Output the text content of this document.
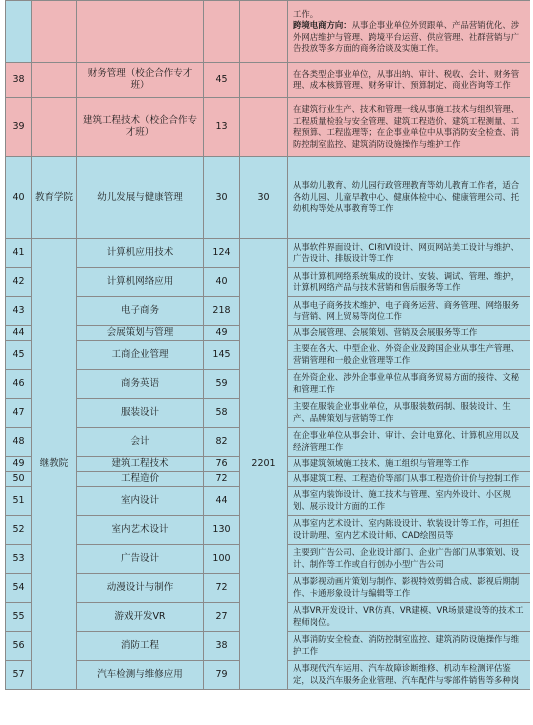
					工作。
跨境电商方向：从事企事业单位外贸跟单、产品营销优化、涉外网店维护与管理、跨境平台运营、供应管理、社群营销与广告投放等多方面的商务洽谈及实施工作。
38		财务管理（校企合作专才班）	45		在各类型企事业单位，从事出纳、审计、税收、会计、财务管理、成本核算管理、财务审计、预算制定、商业咨询等工作
39		建筑工程技术（校企合作专才班）	13		在建筑行业生产、技术和管理一线从事施工技术与组织管理、工程质量检验与安全管理、建筑工程造价、建筑工程测量、工程预算、工程监理等；在企事业单位中从事消防安全检查、消防控制室监控、建筑消防设施操作与维护工作
40	教育学院	幼儿发展与健康管理	30	30	从事幼儿教育、幼儿园行政管理教育等幼儿教育工作者，适合各幼儿园、儿童早教中心、健康体检中心、健康管理公司、托幼机构等处从事教育等工作
41	继教院	计算机应用技术	124	2201	从事软件界面设计、CI和VI设计、网页网站美工设计与维护、广告设计、排版设计等工作
42		计算机网络应用	40		从事计算机网络系统集成的设计、安装、调试、管理、维护，计算机网络产品与技术营销和售后服务等工作
43		电子商务	218		从事电子商务技术维护、电子商务运营、商务管理、网络服务与营销、网上贸易等岗位工作
44		会展策划与管理	49		从事会展管理、会展策划、营销及会展服务等工作
45		工商企业管理	145		主要在各大、中型企业、外资企业及跨国企业从事生产管理、营销管理和一般企业管理等工作
46		商务英语	59		在外资企业、涉外企事业单位从事商务贸易方面的接待、文秘和管理工作
47		服装设计	58		主要在服装企业事业单位，从事服装数码制、服装设计、生产、品牌策划与营销等工作
48		会计	82		在企事业单位从事会计、审计、会计电算化、计算机应用以及经济管理工作
49		建筑工程技术	76		从事建筑领域施工技术、施工组织与管理等工作
50		工程造价	72		从事建筑工程、工程造价等部门从事工程造价计价与控制工作
51		室内设计	44		从事室内装饰设计、施工技术与管理、室内外设计、小区规划、展示设计方面的工作
52		室内艺术设计	130		从事室内艺术设计、室内陈设设计、软装设计等工作，可担任设计助理、室内艺术设计师、CAD绘图员等
53		广告设计	100		主要到广告公司、企业设计部门、企业广告部门从事策划、设计、制作等工作或自行创办小型广告公司
54		动漫设计与制作	72		从事影视动画片策划与制作、影视特效剪辑合成、影视后期制作、卡通形象设计与编辑等工作
55		游戏开发VR	27		从事VR开发设计、VR仿真、VR建模、VR场景建设等的技术工程师岗位。
56		消防工程	38		从事消防安全检查、消防控制室监控、建筑消防设施操作与维护工作
57		汽车检测与维修应用	79		从事现代汽车运用、汽车故障诊断维修、机动车检测评估鉴定，以及汽车服务企业管理、汽车配件与零部件销售等多种岗
